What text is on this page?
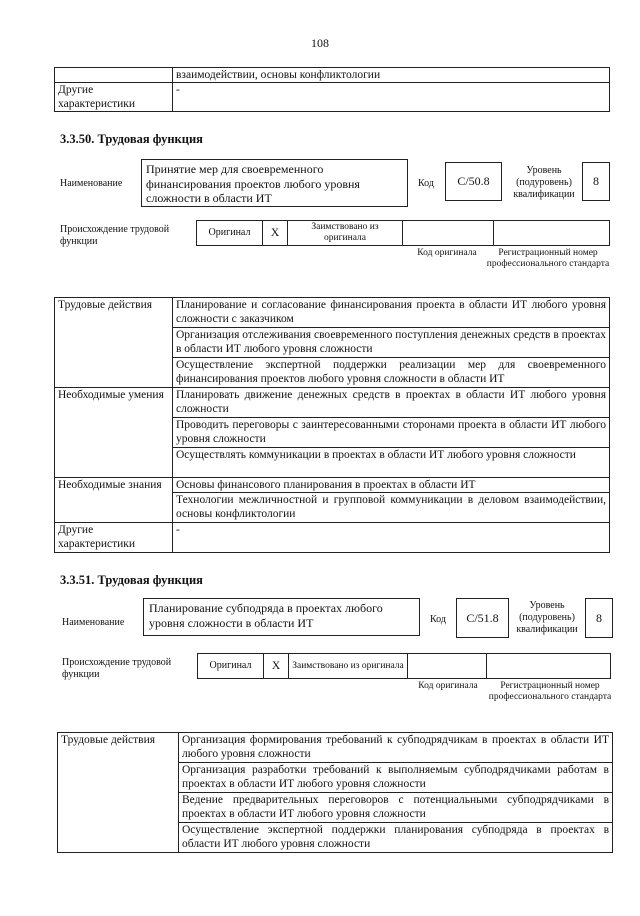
108
	взаимодействии, основы конфликтологии
Другие характеристики	-
3.3.50. Трудовая функция
Наименование
Принятие мер для своевременного финансирования проектов любого уровня сложности в области ИТ
Код	C/50.8
Уровень (подуровень) квалификации
8
Происхождение трудовой функции
Оригинал	X	Заимствовано из оригинала		
Код оригинала	Регистрационный номер профессионального стандарта
Трудовые действия	Планирование и согласование финансирования проекта в области ИТ любого уровня сложности с заказчиком
	Организация отслеживания своевременного поступления денежных средств в проектах в области ИТ любого уровня сложности
	Осуществление экспертной поддержки реализации мер для своевременного финансирования проектов любого уровня сложности в области ИТ
Необходимые умения	Планировать движение денежных средств в проектах в области ИТ любого уровня сложности
	Проводить переговоры с заинтересованными сторонами проекта в области ИТ любого уровня сложности
	Осуществлять коммуникации в проектах в области ИТ любого уровня сложности
Необходимые знания	Основы финансового планирования в проектах в области ИТ
	Технологии межличностной и групповой коммуникации в деловом взаимодействии, основы конфликтологии
Другие характеристики	-
3.3.51. Трудовая функция
Наименование
Планирование субподряда в проектах любого уровня сложности в области ИТ	Код	C/51.8
Уровень (подуровень) квалификации
8
Происхождение трудовой функции
Оригинал	X	Заимствовано из оригинала		
Код оригинала	Регистрационный номер профессионального стандарта
Трудовые действия	Организация формирования требований к субподрядчикам в проектах в области ИТ любого уровня сложности
Организация разработки требований к выполняемым субподрядчиками работам в проектах в области ИТ любого уровня сложности
Ведение предварительных переговоров с потенциальными субподрядчиками в проектах в области ИТ любого уровня сложности
Осуществление экспертной поддержки планирования субподряда в проектах в области ИТ любого уровня сложности
